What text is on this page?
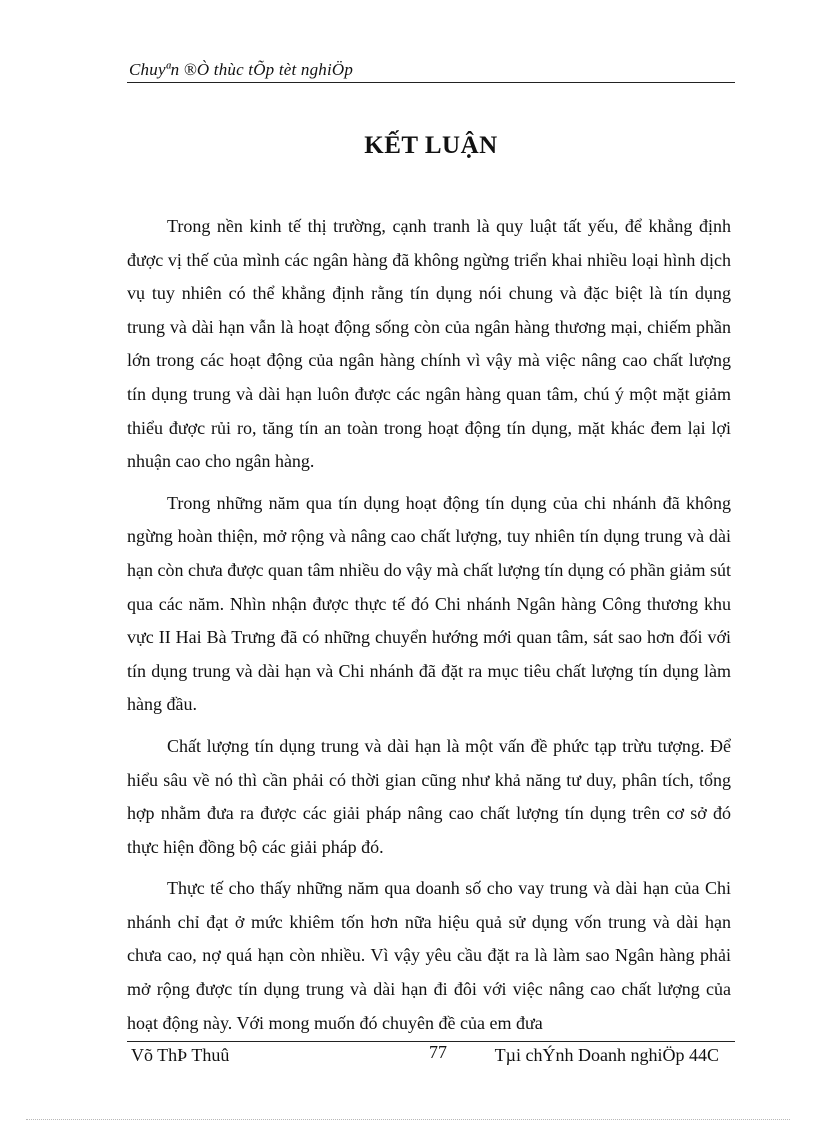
Chuyªn ®Ò thùc tÕp tèt nghiÖp
KẾT LUẬN

Trong nền kinh tế thị trường, cạnh tranh là quy luật tất yếu, để khẳng định được vị thế của mình các ngân hàng đã không ngừng triển khai nhiều loại hình dịch vụ tuy nhiên có thể khẳng định rằng tín dụng nói chung và đặc biệt là tín dụng trung và dài hạn vẫn là hoạt động sống còn của ngân hàng thương mại, chiếm phần lớn trong các hoạt động của ngân hàng chính vì vậy mà việc nâng cao chất lượng tín dụng trung và dài hạn luôn được các ngân hàng quan tâm, chú ý một mặt giảm thiểu được rủi ro, tăng tín an toàn trong hoạt động tín dụng, mặt khác đem lại lợi nhuận cao cho ngân hàng.

Trong những năm qua tín dụng hoạt động tín dụng của chi nhánh đã không ngừng hoàn thiện, mở rộng và nâng cao chất lượng, tuy nhiên tín dụng trung và dài hạn còn chưa được quan tâm nhiều do vậy mà chất lượng tín dụng có phần giảm sút qua các năm. Nhìn nhận được thực tế đó Chi nhánh Ngân hàng Công thương khu vực II Hai Bà Trưng đã có những chuyển hướng mới quan tâm, sát sao hơn đối với tín dụng trung và dài hạn và Chi nhánh đã đặt ra mục tiêu chất lượng tín dụng làm hàng đầu.

Chất lượng tín dụng trung và dài hạn là một vấn đề phức tạp trừu tượng. Để hiểu sâu về nó thì cần phải có thời gian cũng như khả năng tư duy, phân tích, tổng hợp nhằm đưa ra được các giải pháp nâng cao chất lượng tín dụng trên cơ sở đó thực hiện đồng bộ các giải pháp đó.

Thực tế cho thấy những năm qua doanh số cho vay trung và dài hạn của Chi nhánh chỉ đạt ở mức khiêm tốn hơn nữa hiệu quả sử dụng vốn trung và dài hạn chưa cao, nợ quá hạn còn nhiều. Vì vậy yêu cầu đặt ra là làm sao Ngân hàng phải mở rộng được tín dụng trung và dài hạn đi đôi với việc nâng cao chất lượng của hoạt động này. Với mong muốn đó chuyên đề của em đưa

Võ ThÞ Thuû	77	Tµi chÝnh Doanh nghiÖp 44C
